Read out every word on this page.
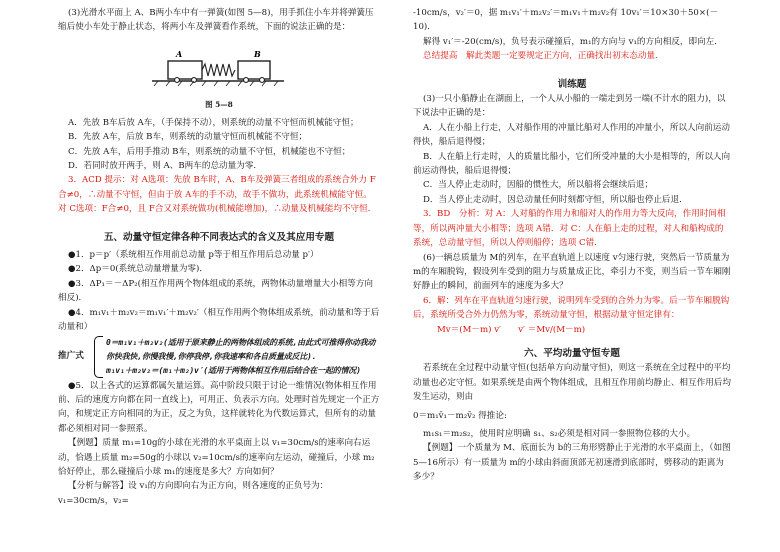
(3)光滑水平面上 A、B两小车中有一弹簧(如图 5—8)，用手抓住小车并将弹簧压缩后使小车处于静止状态，将两小车及弹簧看作系统，下面的说法正确的是：

A	B

图 5—8

A．先放 B车后放 A车，（手保持不动），则系统的动量不守恒而机械能守恒；

B．先放 A车，后放 B车，则系统的动量守恒而机械能不守恒；

C．先放 A车，后用手推动 B车，则系统的动量不守恒，机械能也不守恒；

D．若同时放开两手，则 A、B两车的总动量为零．

3．ACD 提示：对 A选项：先放 B车时，A、B车及弹簧三者组成的系统合外力 F合≠0，∴动量不守恒，但由于放 A车的手不动，故手不做功，此系统机械能守恒。对 C选项：F合≠0，且 F合又对系统做功(机械能增加)，∴动量及机械能均不守恒．

五、动量守恒定律各种不同表达式的含义及其应用专题

●1．p＝p′（系统相互作用前总动量 p等于相互作用后总动量 p′）

●2．Δp＝0(系统总动量增量为零)．

●3．ΔP₁＝－ΔP₂(相互作用两个物体组成的系统，两物体动量增量大小相等方向相反)．

●4．m₁v₁＋m₂v₂＝m₁v₁′＋m₂v₂′（相互作用两个物体组成系统，前动量和等于后动量和）

推广式

0＝m₁v₁＋m₂v₂(适用于原来静止的两物体组成的系统,由此式可推得你动我动

你快我快,你慢我慢,你停我停,你我速率和各自质量成反比).

m₁v₁＋m₂v₂＝(m₁＋m₂)v′(适用于两物体相互作用后结合在一起的情况)

●5．以上各式的运算都属矢量运算。高中阶段只限于讨论一维情况(物体相互作用前、后的速度方向都在同一直线上)，可用正、负表示方向。处理时首先规定一个正方向，和规定正方向相同的为正，反之为负，这样就转化为代数运算式，但所有的动量都必须相对同一参照系。

【例题】质量 m₁=10g的小球在光滑的水平桌面上以 v₁=30cm/s的速率向右运动，恰遇上质量 m₂=50g的小球以 v₂=10cm/s的速率向左运动，碰撞后，小球 m₂恰好停止，那么碰撞后小球 m₁的速度是多大？方向如何？

【分析与解答】设 v₁的方向即向右为正方向，则各速度的正负号为：v₁=30cm/s，v₂=

-10cm/s，v₂′＝0，据 m₁v₁′＋m₂v₂′＝m₁v₁＋m₂v₂有 10v₁′＝10×30＋50×(－10)．

解得 v₁′＝-20(cm/s)，负号表示碰撞后，m₁的方向与 v₁的方向相反，即向左．

总结提高　解此类题一定要规定正方向，正确找出初末态动量．

训练题

(3)一只小船静止在湖面上，一个人从小船的一端走到另一端(不计水的阻力)，以下说法中正确的是：

A．人在小船上行走，人对船作用的冲量比船对人作用的冲量小，所以人向前运动得快，船后退得慢；

B．人在船上行走时，人的质量比船小，它们所受冲量的大小是相等的，所以人向前运动得快，船后退得慢；

C．当人停止走动时，因船的惯性大，所以船将会继续后退；

D．当人停止走动时，因总动量任何时刻都守恒，所以船也停止后退．

3．BD　分析：对 A：人对船的作用力和船对人的作用力等大反向，作用时间相等，所以两冲量大小相等；选项 A错．对 C：人在船上走的过程，对人和船构成的系统，总动量守恒，所以人停则船停；选项 C错．

(6)一辆总质量为 M的列车，在平直轨道上以速度 v匀速行驶，突然后一节质量为 m的车厢脱钩，假设列车受到的阻力与质量成正比，牵引力不变，则当后一节车厢刚好静止的瞬间，前面列车的速度为多大？

6．解：列车在平直轨道匀速行驶，说明列车受到的合外力为零。后一节车厢脱钩后，系统所受合外力仍然为零，系统动量守恒，根据动量守恒定律有：

Mv＝(M－m) v′　　v′ ＝Mv/(M－m)

六、平均动量守恒专题

若系统在全过程中动量守恒(包括单方向动量守恒)，则这一系统在全过程中的平均动量也必定守恒。如果系统是由两个物体组成，且相互作用前均静止、相互作用后均发生运动，则由

0＝m₁v̄₁－m₂v̄₂ 得推论:

m₁s₁＝m₂s₂，使用时应明确 s₁、s₂必须是相对同一参照物位移的大小。

【例题】一个质量为 M、底面长为 b的三角形劈静止于光滑的水平桌面上，（如图 5—16所示）有一质量为 m的小球由斜面顶部无初速滑到底部时，劈移动的距离为多少？
